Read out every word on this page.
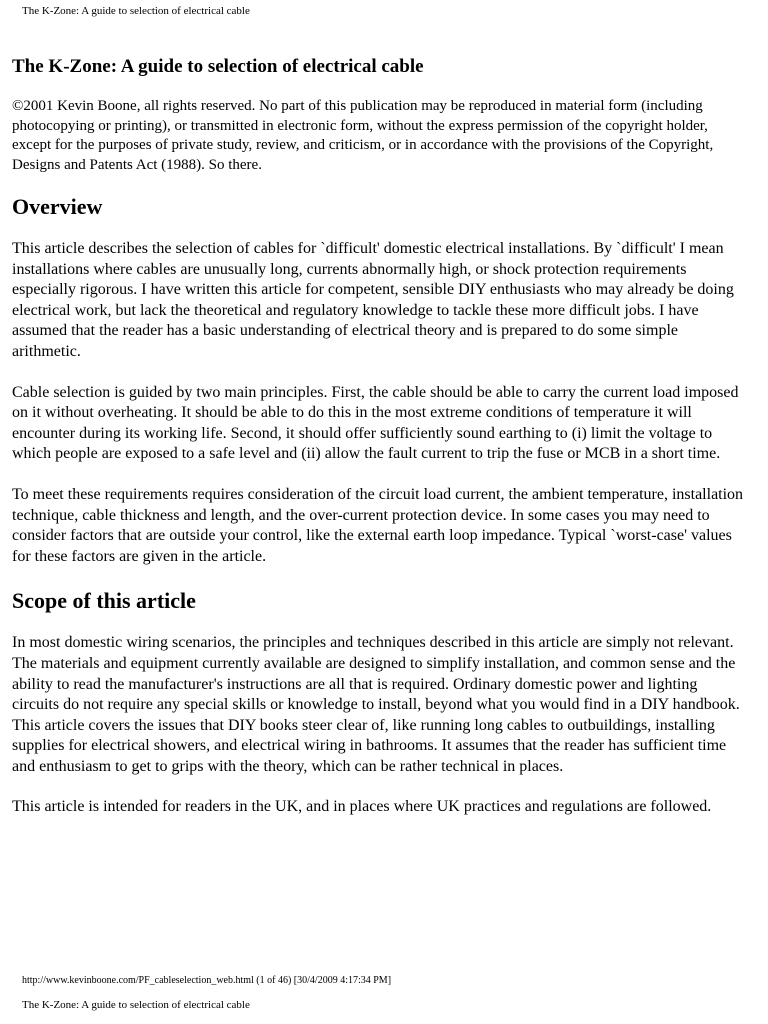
The K-Zone: A guide to selection of electrical cable
The K-Zone: A guide to selection of electrical cable

©2001 Kevin Boone, all rights reserved. No part of this publication may be reproduced in material form (including photocopying or printing), or transmitted in electronic form, without the express permission of the copyright holder, except for the purposes of private study, review, and criticism, or in accordance with the provisions of the Copyright, Designs and Patents Act (1988). So there.

Overview

This article describes the selection of cables for `difficult' domestic electrical installations. By `difficult' I mean installations where cables are unusually long, currents abnormally high, or shock protection requirements especially rigorous. I have written this article for competent, sensible DIY enthusiasts who may already be doing electrical work, but lack the theoretical and regulatory knowledge to tackle these more difficult jobs. I have assumed that the reader has a basic understanding of electrical theory and is prepared to do some simple arithmetic.

Cable selection is guided by two main principles. First, the cable should be able to carry the current load imposed on it without overheating. It should be able to do this in the most extreme conditions of temperature it will encounter during its working life. Second, it should offer sufficiently sound earthing to (i) limit the voltage to which people are exposed to a safe level and (ii) allow the fault current to trip the fuse or MCB in a short time.

To meet these requirements requires consideration of the circuit load current, the ambient temperature, installation technique, cable thickness and length, and the over-current protection device. In some cases you may need to consider factors that are outside your control, like the external earth loop impedance. Typical `worst-case' values for these factors are given in the article.

Scope of this article

In most domestic wiring scenarios, the principles and techniques described in this article are simply not relevant. The materials and equipment currently available are designed to simplify installation, and common sense and the ability to read the manufacturer's instructions are all that is required. Ordinary domestic power and lighting circuits do not require any special skills or knowledge to install, beyond what you would find in a DIY handbook. This article covers the issues that DIY books steer clear of, like running long cables to outbuildings, installing supplies for electrical showers, and electrical wiring in bathrooms. It assumes that the reader has sufficient time and enthusiasm to get to grips with the theory, which can be rather technical in places.

This article is intended for readers in the UK, and in places where UK practices and regulations are followed.

http://www.kevinboone.com/PF_cableselection_web.html (1 of 46) [30/4/2009 4:17:34 PM]
The K-Zone: A guide to selection of electrical cable
